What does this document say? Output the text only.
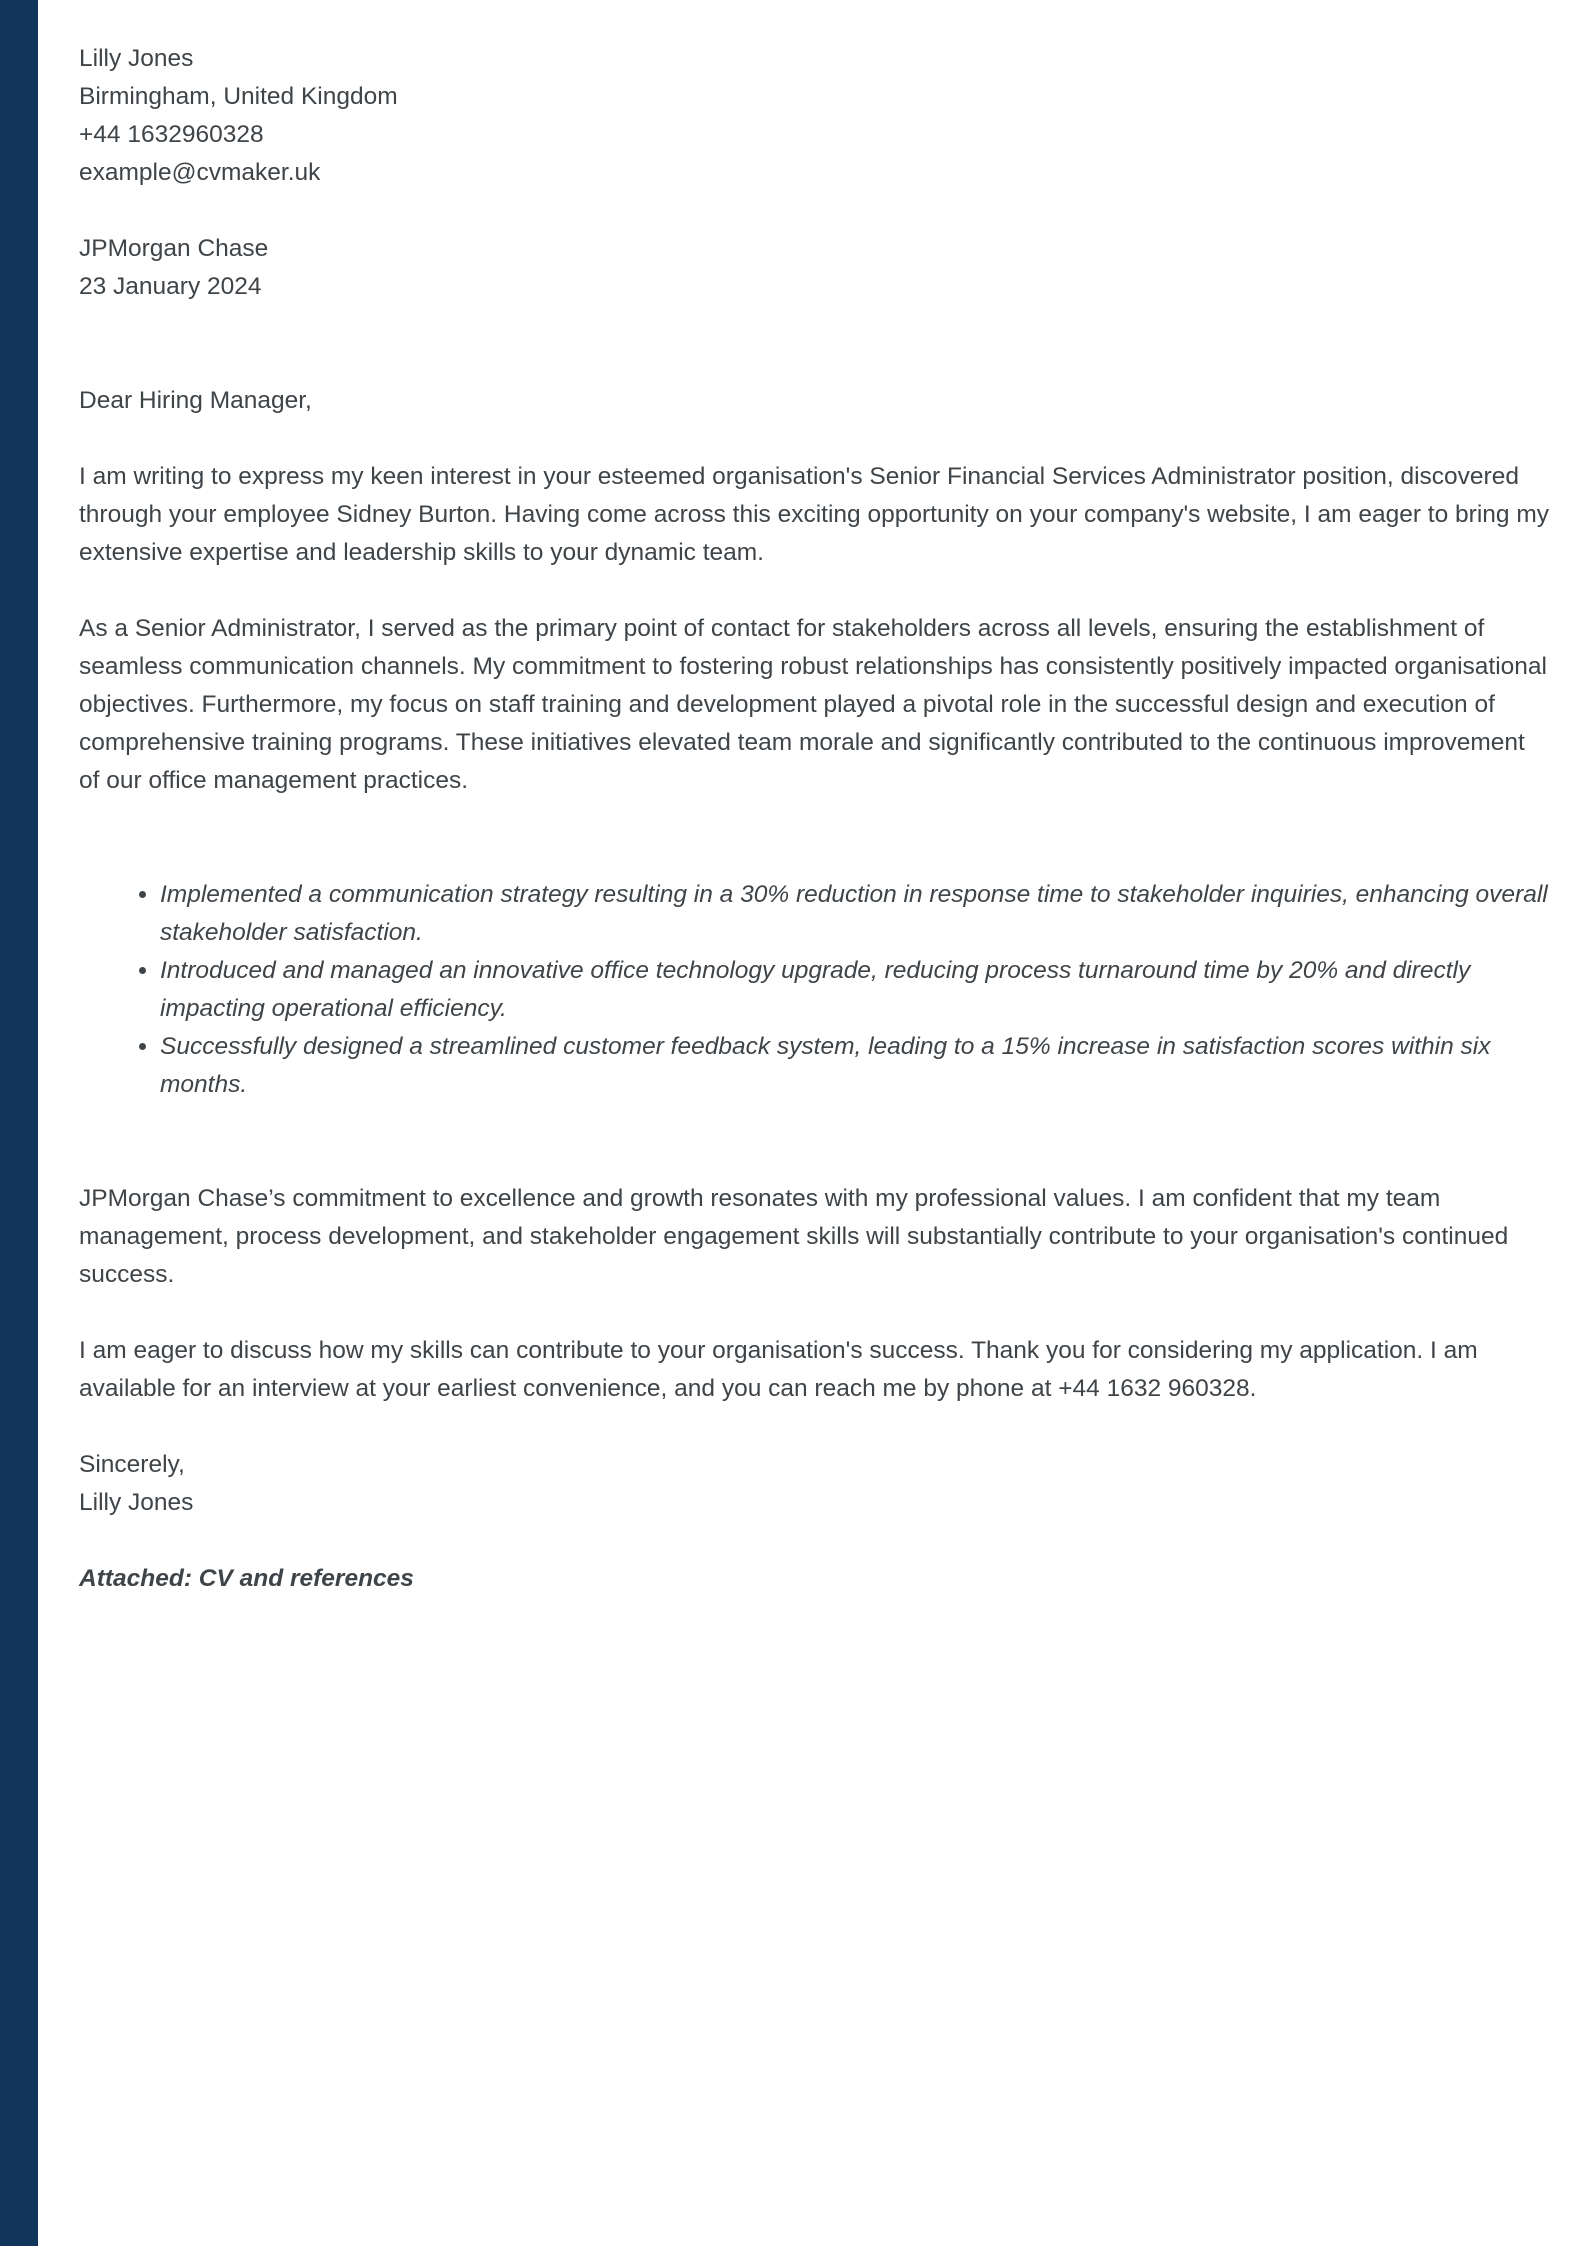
Lilly Jones
Birmingham, United Kingdom
+44 1632960328
example@cvmaker.uk
JPMorgan Chase
23 January 2024

Dear Hiring Manager,

I am writing to express my keen interest in your esteemed organisation's Senior Financial Services Administrator position, discovered through your employee Sidney Burton. Having come across this exciting opportunity on your company's website, I am eager to bring my extensive expertise and leadership skills to your dynamic team.

As a Senior Administrator, I served as the primary point of contact for stakeholders across all levels, ensuring the establishment of seamless communication channels. My commitment to fostering robust relationships has consistently positively impacted organisational objectives. Furthermore, my focus on staff training and development played a pivotal role in the successful design and execution of comprehensive training programs. These initiatives elevated team morale and significantly contributed to the continuous improvement of our office management practices.

• Implemented a communication strategy resulting in a 30% reduction in response time to stakeholder inquiries, enhancing overall stakeholder satisfaction.
• Introduced and managed an innovative office technology upgrade, reducing process turnaround time by 20% and directly impacting operational efficiency.
• Successfully designed a streamlined customer feedback system, leading to a 15% increase in satisfaction scores within six months.

JPMorgan Chase’s commitment to excellence and growth resonates with my professional values. I am confident that my team management, process development, and stakeholder engagement skills will substantially contribute to your organisation's continued success.

I am eager to discuss how my skills can contribute to your organisation's success. Thank you for considering my application. I am available for an interview at your earliest convenience, and you can reach me by phone at +44 1632 960328.

Sincerely,
Lilly Jones

Attached: CV and references
